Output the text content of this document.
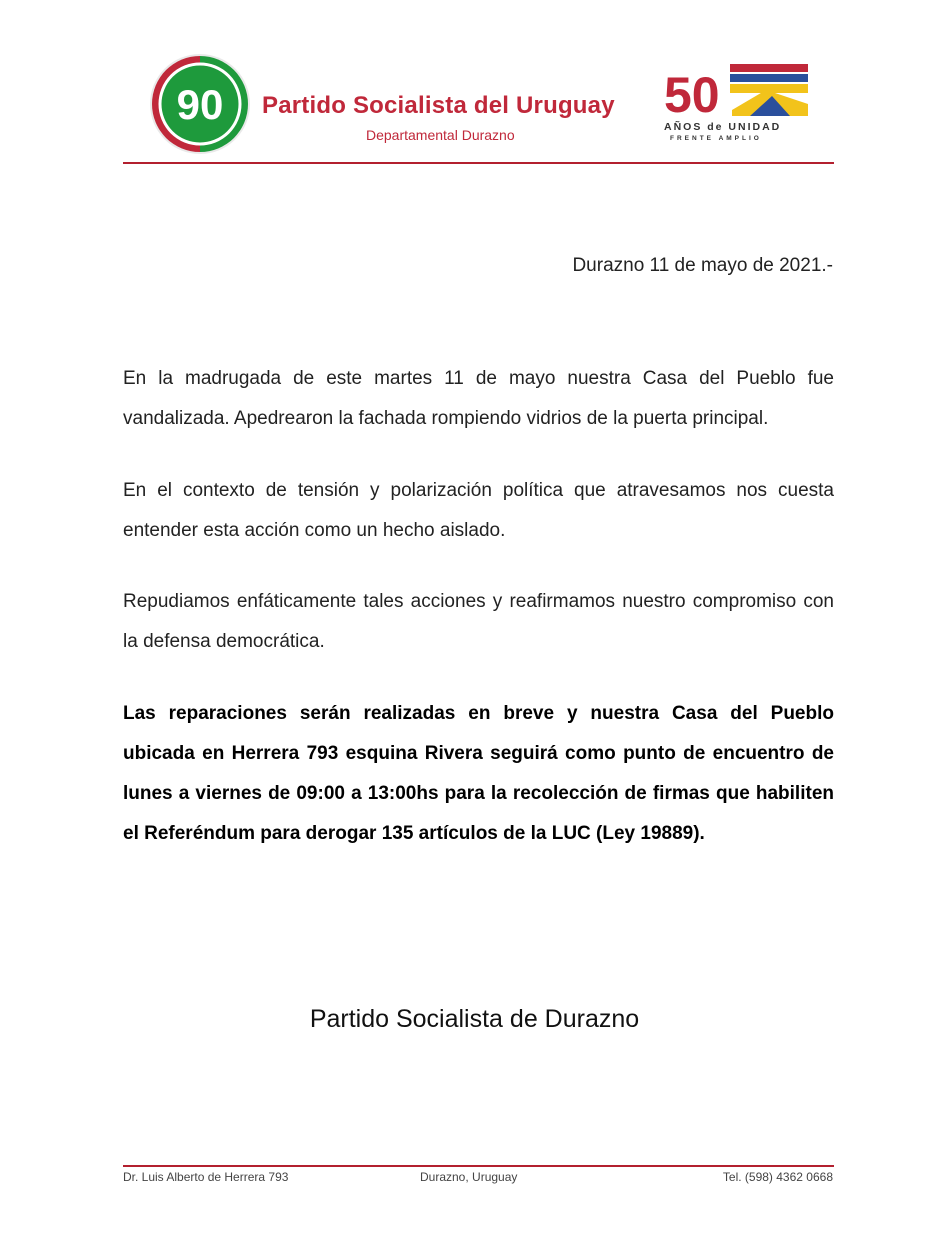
90 Partido Socialista del Uruguay
Departamental Durazno
50
AÑOS de UNIDAD
FRENTE AMPLIO
Durazno 11 de mayo de 2021.-
En la madrugada de este martes 11 de mayo nuestra Casa del Pueblo fue vandalizada. Apedrearon la fachada rompiendo vidrios de la puerta principal.
En el contexto de tensión y polarización política que atravesamos nos cuesta entender esta acción como un hecho aislado.
Repudiamos enfáticamente tales acciones y reafirmamos nuestro compromiso con la defensa democrática.
Las reparaciones serán realizadas en breve y nuestra Casa del Pueblo ubicada en Herrera 793 esquina Rivera seguirá como punto de encuentro de lunes a viernes de 09:00 a 13:00hs para la recolección de firmas que habiliten el Referéndum para derogar 135 artículos de la LUC (Ley 19889).
Partido Socialista de Durazno
Dr. Luis Alberto de Herrera 793	Durazno, Uruguay	Tel. (598) 4362 0668
